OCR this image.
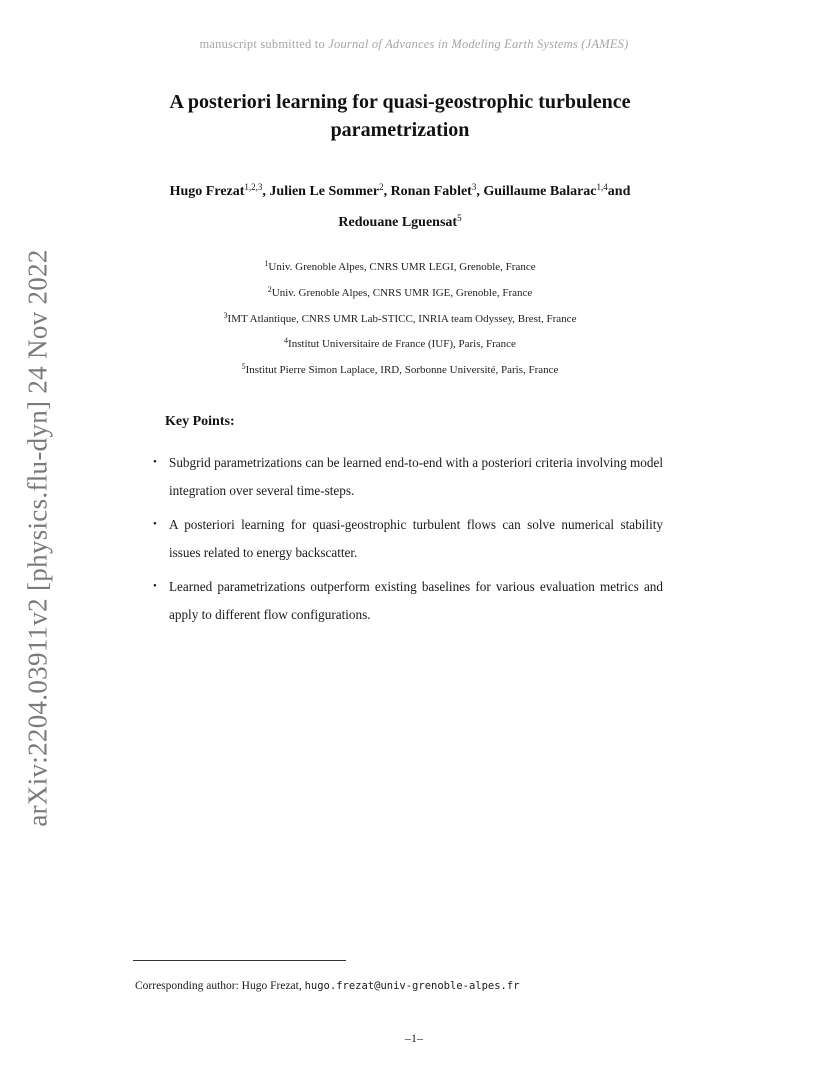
manuscript submitted to Journal of Advances in Modeling Earth Systems (JAMES)
arXiv:2204.03911v2 [physics.flu-dyn] 24 Nov 2022
A posteriori learning for quasi-geostrophic turbulence
parametrization
Hugo Frezat$^{1,2,3}$, Julien Le Sommer$^2$, Ronan Fablet$^3$, Guillaume Balarac$^{1,4}$and
Redouane Lguensat$^5$
$^1$Univ. Grenoble Alpes, CNRS UMR LEGI, Grenoble, France
$^2$Univ. Grenoble Alpes, CNRS UMR IGE, Grenoble, France
$^3$IMT Atlantique, CNRS UMR Lab-STICC, INRIA team Odyssey, Brest, France
$^4$Institut Universitaire de France (IUF), Paris, France
$^5$Institut Pierre Simon Laplace, IRD, Sorbonne Université, Paris, France
Key Points:
• Subgrid parametrizations can be learned end-to-end with a posteriori criteria involving model integration over several time-steps.
• A posteriori learning for quasi-geostrophic turbulent flows can solve numerical stability issues related to energy backscatter.
• Learned parametrizations outperform existing baselines for various evaluation metrics and apply to different flow configurations.
Corresponding author: Hugo Frezat, hugo.frezat@univ-grenoble-alpes.fr
–1–
